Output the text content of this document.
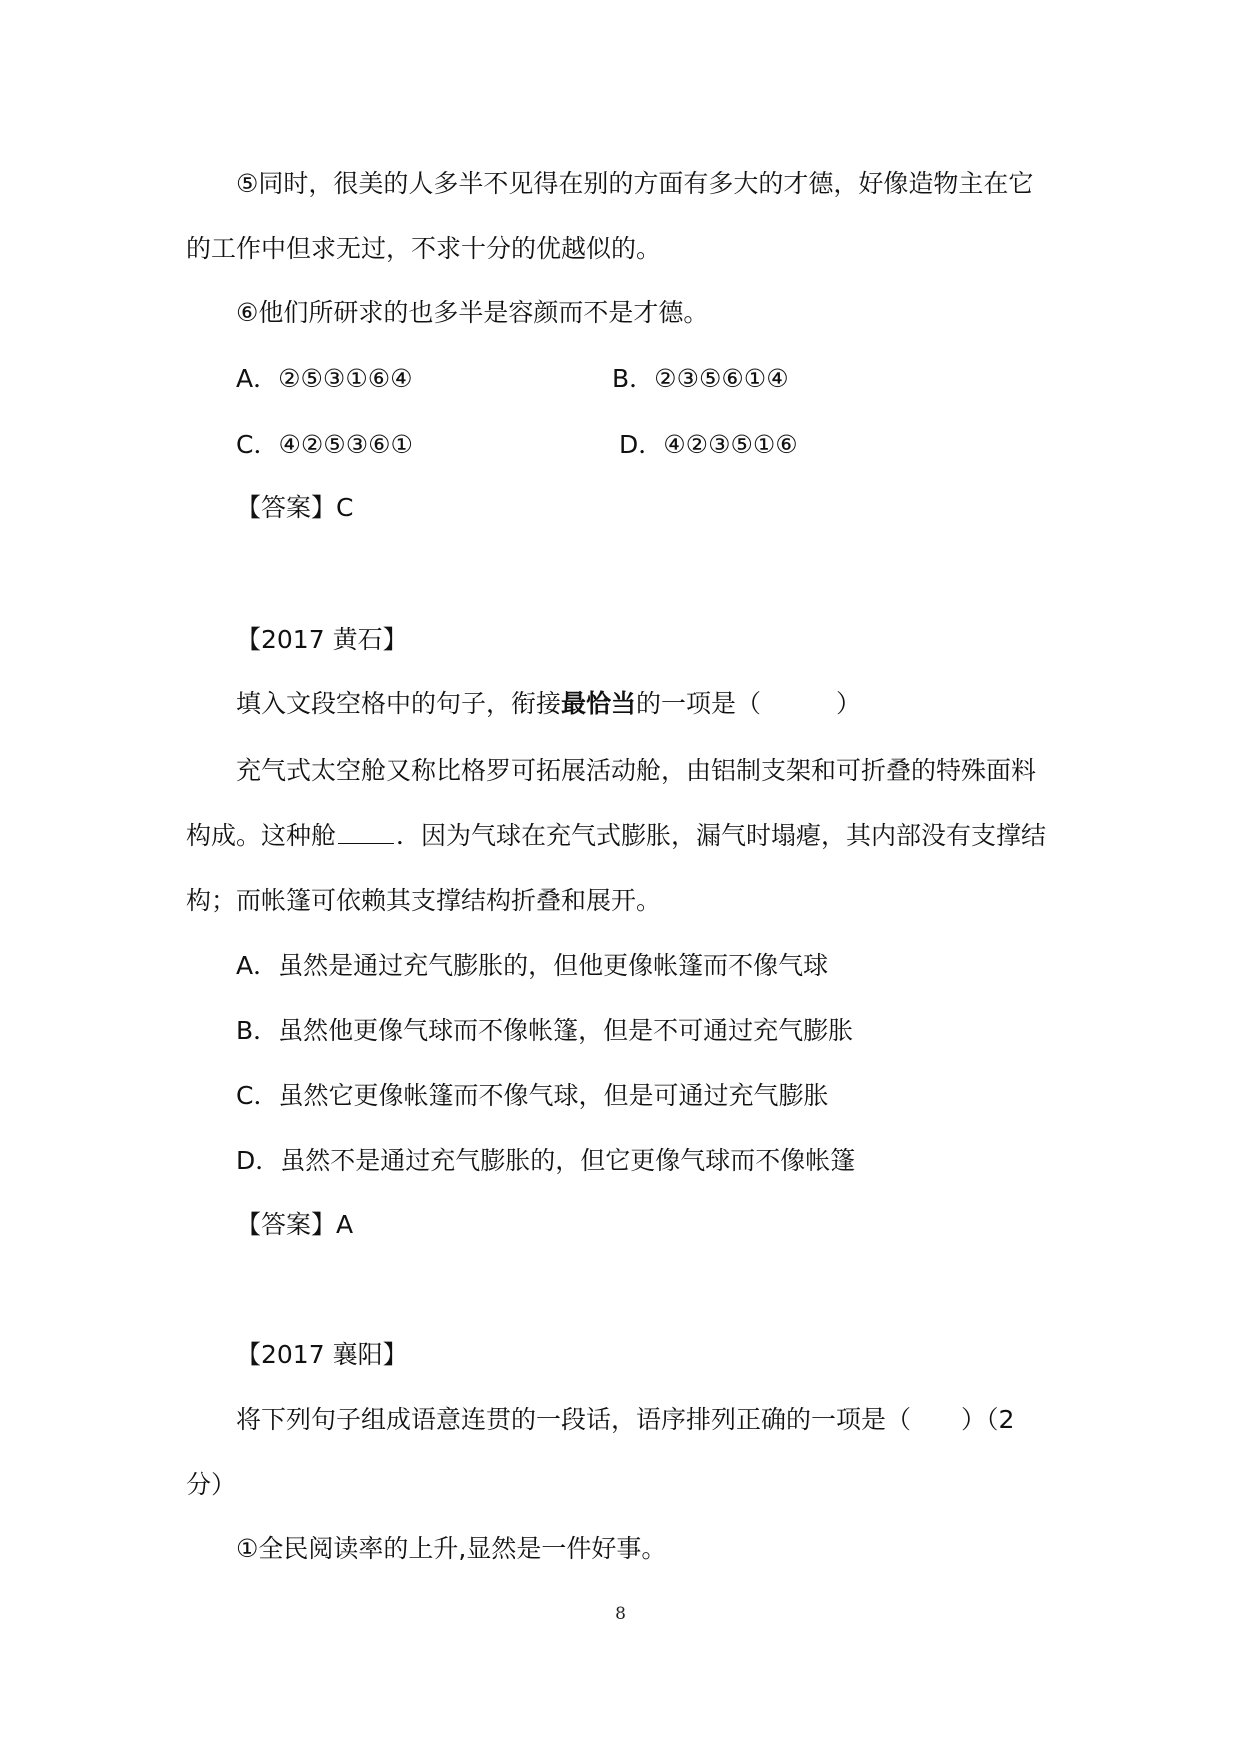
⑤同时，很美的人多半不见得在别的方面有多大的才德，好像造物主在它

的工作中但求无过，不求十分的优越似的。

⑥他们所研求的也多半是容颜而不是才德。

A．②⑤③①⑥④	B．②③⑤⑥①④

C．④②⑤③⑥①	D．④②③⑤①⑥

【答案】C

【2017 黄石】

填入文段空格中的句子，衔接最恰当的一项是（　　　）

充气式太空舱又称比格罗可拓展活动舱，由铝制支架和可折叠的特殊面料

构成。这种舱 ．因为气球在充气式膨胀，漏气时塌瘪，其内部没有支撑结

构；而帐篷可依赖其支撑结构折叠和展开。

A．虽然是通过充气膨胀的，但他更像帐篷而不像气球

B．虽然他更像气球而不像帐篷，但是不可通过充气膨胀

C．虽然它更像帐篷而不像气球，但是可通过充气膨胀

D．虽然不是通过充气膨胀的，但它更像气球而不像帐篷

【答案】A

【2017 襄阳】

将下列句子组成语意连贯的一段话，语序排列正确的一项是（　　）（2

分）

①全民阅读率的上升,显然是一件好事。

8
